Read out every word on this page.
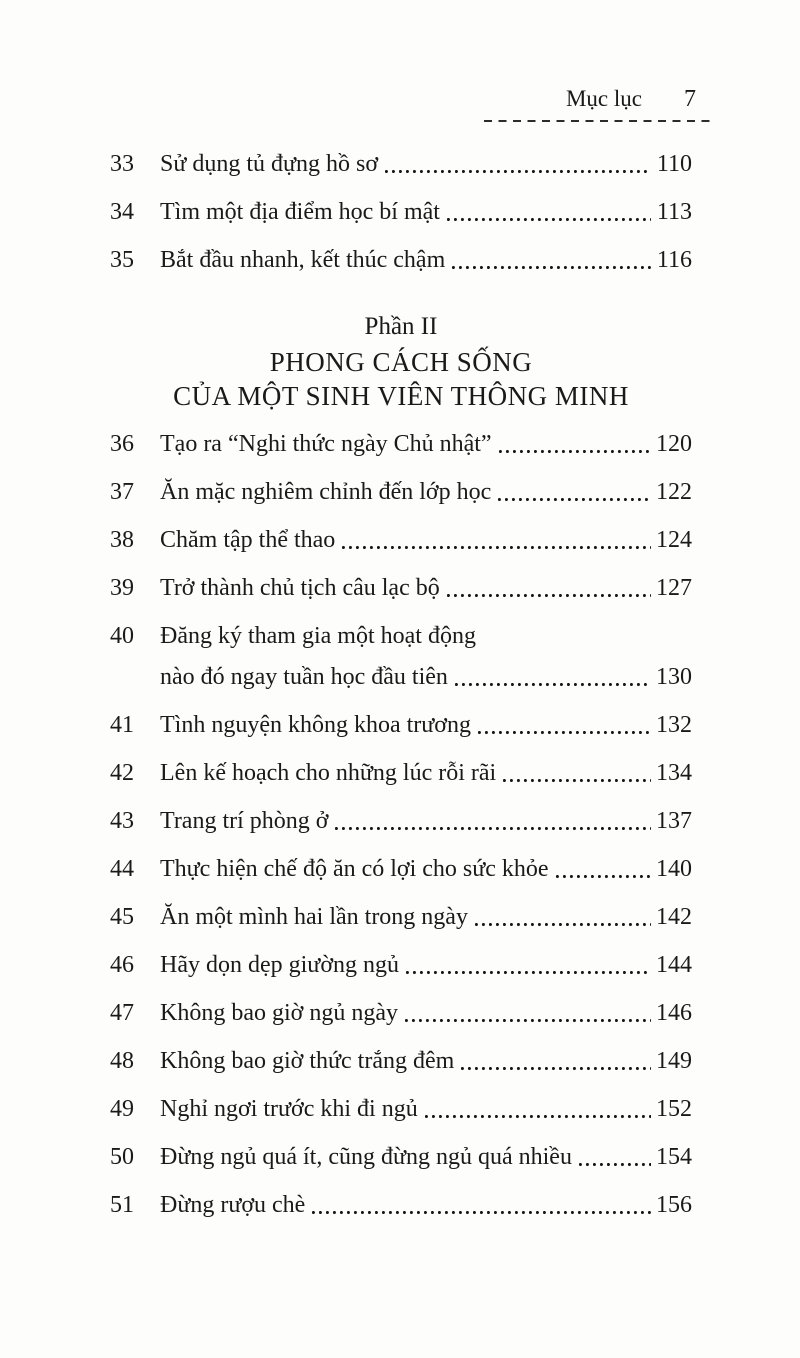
Mục lục 7
33	Sử dụng tủ đựng hồ sơ	110
34	Tìm một địa điểm học bí mật	113
35	Bắt đầu nhanh, kết thúc chậm	116
Phần II
PHONG CÁCH SỐNG
CỦA MỘT SINH VIÊN THÔNG MINH
36	Tạo ra “Nghi thức ngày Chủ nhật”	120
37	Ăn mặc nghiêm chỉnh đến lớp học	122
38	Chăm tập thể thao	124
39	Trở thành chủ tịch câu lạc bộ	127
40	Đăng ký tham gia một hoạt động
nào đó ngay tuần học đầu tiên	130
41	Tình nguyện không khoa trương	132
42	Lên kế hoạch cho những lúc rỗi rãi	134
43	Trang trí phòng ở	137
44	Thực hiện chế độ ăn có lợi cho sức khỏe	140
45	Ăn một mình hai lần trong ngày	142
46	Hãy dọn dẹp giường ngủ	144
47	Không bao giờ ngủ ngày	146
48	Không bao giờ thức trắng đêm	149
49	Nghỉ ngơi trước khi đi ngủ	152
50	Đừng ngủ quá ít, cũng đừng ngủ quá nhiều	154
51	Đừng rượu chè	156
